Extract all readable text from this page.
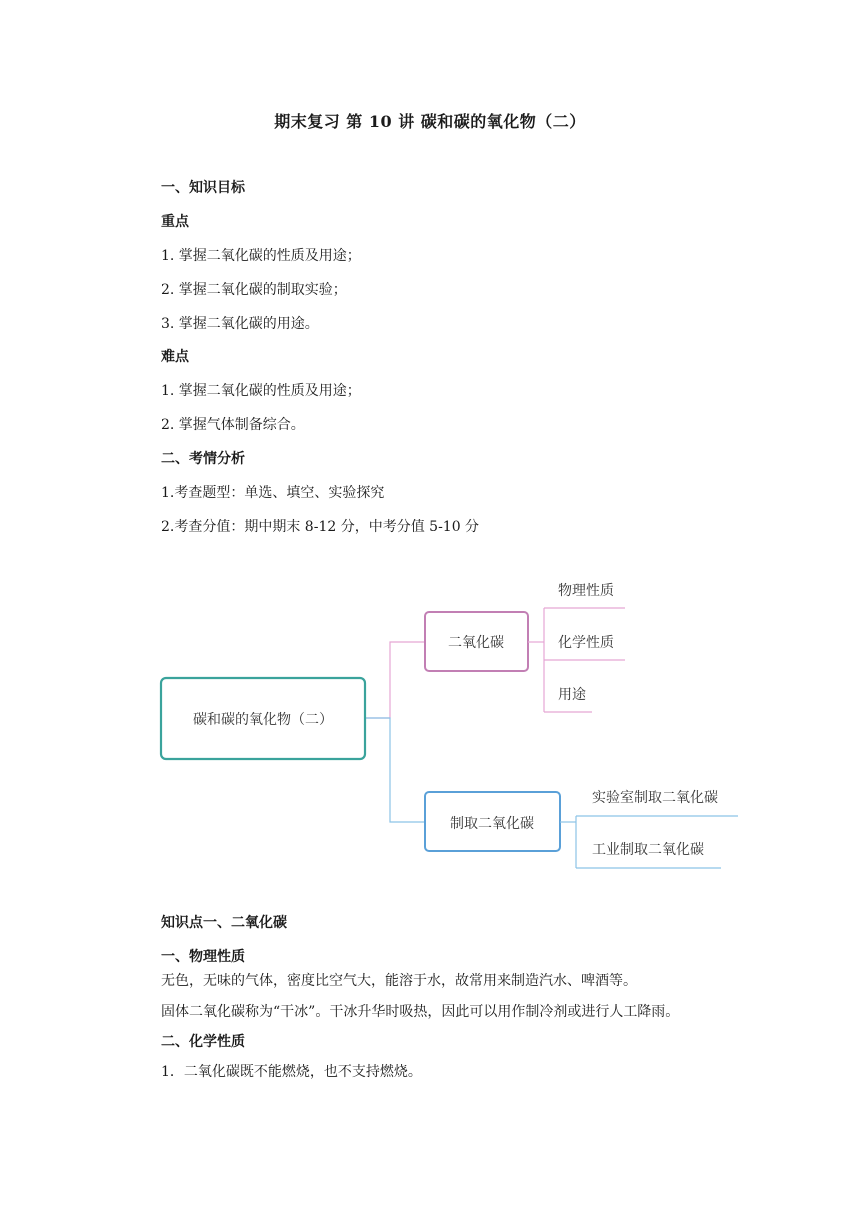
期末复习 第 10 讲 碳和碳的氧化物（二）
一、知识目标
重点
1. 掌握二氧化碳的性质及用途；
2. 掌握二氧化碳的制取实验；
3. 掌握二氧化碳的用途。
难点
1. 掌握二氧化碳的性质及用途；
2. 掌握气体制备综合。
二、考情分析
1.考查题型：单选、填空、实验探究
2.考查分值：期中期末 8-12 分，中考分值 5-10 分
碳和碳的氧化物（二）
二氧化碳
物理性质
化学性质
用途
制取二氧化碳
实验室制取二氧化碳
工业制取二氧化碳
知识点一、二氧化碳
一、物理性质
无色，无味的气体，密度比空气大，能溶于水，故常用来制造汽水、啤酒等。
固体二氧化碳称为“干冰”。干冰升华时吸热，因此可以用作制冷剂或进行人工降雨。
二、化学性质
1．二氧化碳既不能燃烧，也不支持燃烧。
